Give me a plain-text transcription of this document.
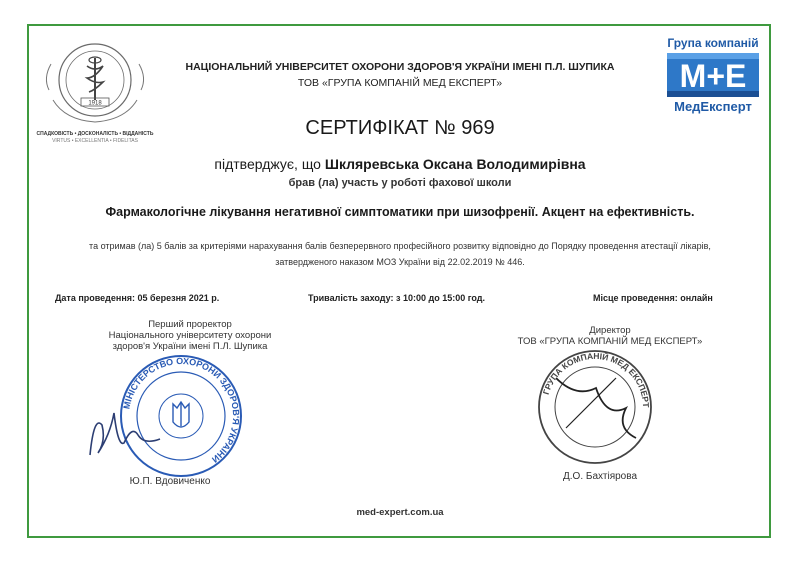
1918
СПАДКОВІСТЬ • ДОСКОНАЛІСТЬ • ВІДДАНІСТЬ
VIRTUS • EXCELLENTIA • FIDELITAS
НАЦІОНАЛЬНИЙ УНІВЕРСИТЕТ ОХОРОНИ ЗДОРОВ'Я УКРАЇНИ ІМЕНІ П.Л. ШУПИКА
ТОВ «ГРУПА КОМПАНІЙ МЕД ЕКСПЕРТ»
Група компаній
M+E
МедЕксперт
СЕРТИФІКАТ № 969
підтверджує, що Шкляревська Оксана Володимирівна
брав (ла) участь у роботі фахової школи
Фармакологічне лікування негативної симптоматики при шизофренії. Акцент на ефективність.
та отримав (ла) 5 балів за критеріями нарахування балів безперервного професійного розвитку відповідно до Порядку проведення атестації лікарів,
затвердженого наказом МОЗ України від 22.02.2019 № 446.
Дата проведення: 05 березня 2021 р.	Тривалість заходу: з 10:00 до 15:00 год.	Місце проведення: онлайн
Перший проректор
Національного університету охорони
здоров'я України імені П.Л. Шупика
МІНІСТЕРСТВО ОХОРОНИ ЗДОРОВ'Я УКРАЇНИ
Ю.П. Вдовиченко
Директор
ТОВ «ГРУПА КОМПАНІЙ МЕД ЕКСПЕРТ»
ГРУПА КОМПАНІЙ МЕД ЕКСПЕРТ
Д.О. Бахтіярова
med-expert.com.ua
